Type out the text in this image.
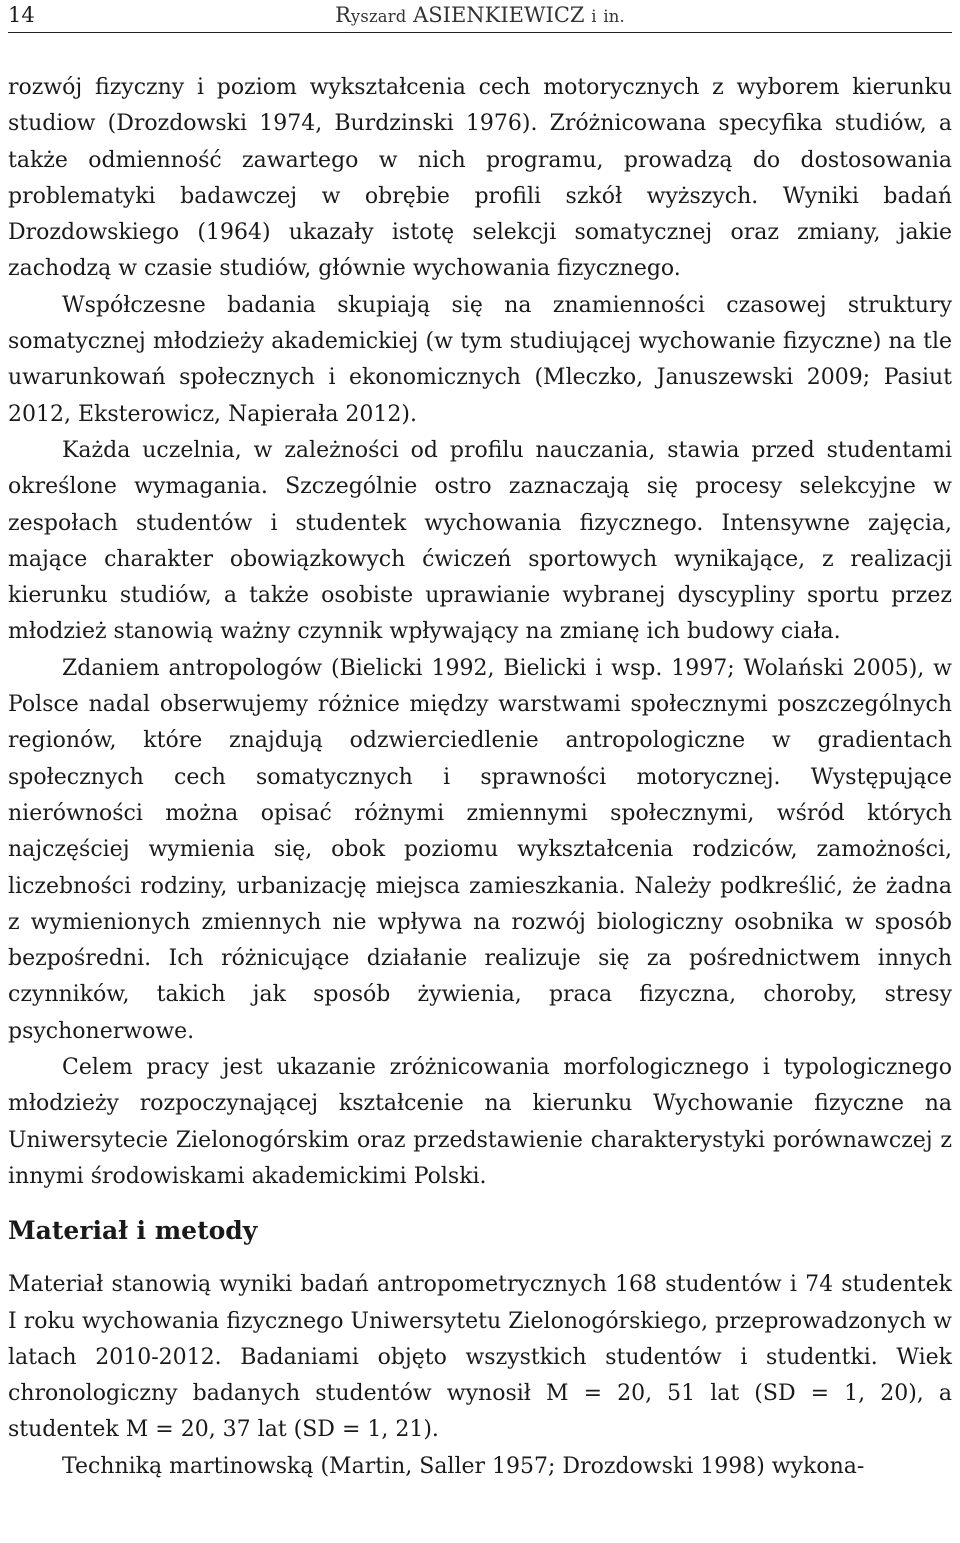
14	Ryszard ASIENKIEWICZ i in.

rozwój fizyczny i poziom wykształcenia cech motorycznych z wyborem kierunku studiow (Drozdowski 1974, Burdzinski 1976). Zróżnicowana specyfika studiów, a także odmienność zawartego w nich programu, prowadzą do dostosowania problematyki badawczej w obrębie profili szkół wyższych. Wyniki badań Drozdowskiego (1964) ukazały istotę selekcji somatycznej oraz zmiany, jakie zachodzą w czasie studiów, głównie wychowania fizycznego.

Współczesne badania skupiają się na znamienności czasowej struktury somatycznej młodzieży akademickiej (w tym studiującej wychowanie fizyczne) na tle uwarunkowań społecznych i ekonomicznych (Mleczko, Januszewski 2009; Pasiut 2012, Eksterowicz, Napierała 2012).

Każda uczelnia, w zależności od profilu nauczania, stawia przed studentami określone wymagania. Szczególnie ostro zaznaczają się procesy selekcyjne w zespołach studentów i studentek wychowania fizycznego. Intensywne zajęcia, mające charakter obowiązkowych ćwiczeń sportowych wynikające, z realizacji kierunku studiów, a także osobiste uprawianie wybranej dyscypliny sportu przez młodzież stanowią ważny czynnik wpływający na zmianę ich budowy ciała.

Zdaniem antropologów (Bielicki 1992, Bielicki i wsp. 1997; Wolański 2005), w Polsce nadal obserwujemy różnice między warstwami społecznymi poszczególnych regionów, które znajdują odzwierciedlenie antropologiczne w gradientach społecznych cech somatycznych i sprawności motorycznej. Występujące nierówności można opisać różnymi zmiennymi społecznymi, wśród których najczęściej wymienia się, obok poziomu wykształcenia rodziców, zamożności, liczebności rodziny, urbanizację miejsca zamieszkania. Należy podkreślić, że żadna z wymienionych zmiennych nie wpływa na rozwój biologiczny osobnika w sposób bezpośredni. Ich różnicujące działanie realizuje się za pośrednictwem innych czynników, takich jak sposób żywienia, praca fizyczna, choroby, stresy psychonerwowe.

Celem pracy jest ukazanie zróżnicowania morfologicznego i typologicznego młodzieży rozpoczynającej kształcenie na kierunku Wychowanie fizyczne na Uniwersytecie Zielonogórskim oraz przedstawienie charakterystyki porównawczej z innymi środowiskami akademickimi Polski.

Materiał i metody

Materiał stanowią wyniki badań antropometrycznych 168 studentów i 74 studentek I roku wychowania fizycznego Uniwersytetu Zielonogórskiego, przeprowadzonych w latach 2010-2012. Badaniami objęto wszystkich studentów i studentki. Wiek chronologiczny badanych studentów wynosił M = 20, 51 lat (SD = 1, 20), a studentek M = 20, 37 lat (SD = 1, 21).

Techniką martinowską (Martin, Saller 1957; Drozdowski 1998) wykona-
